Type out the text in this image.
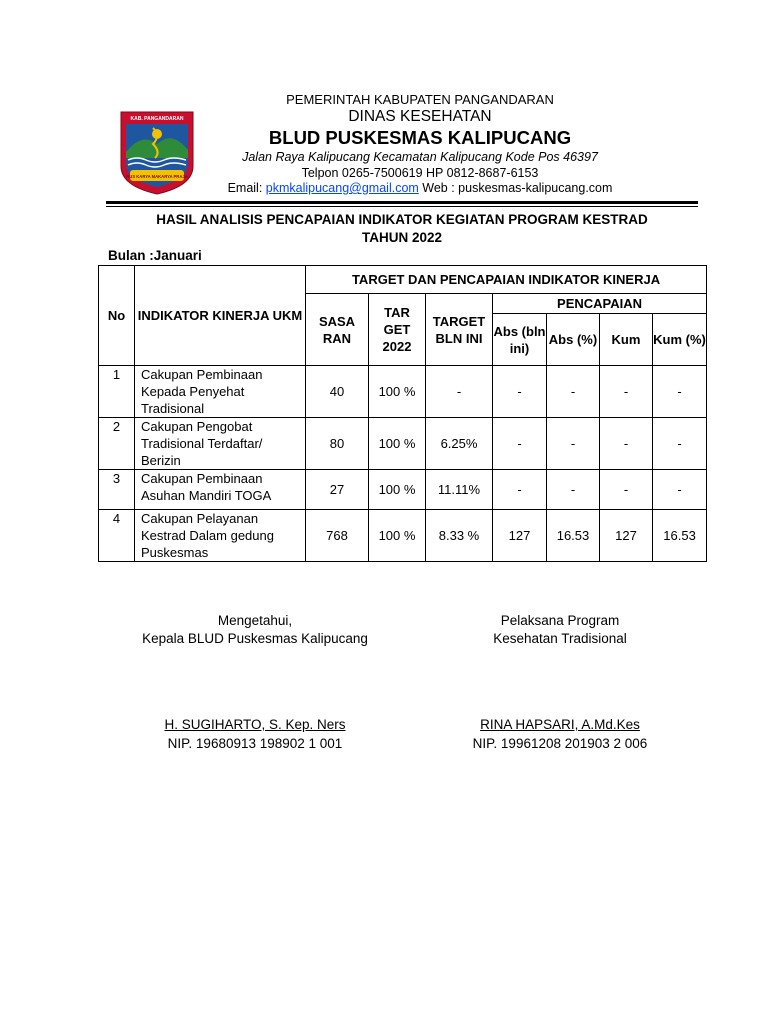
KAB. PANGANDARAN
NUS KARYA MAKARYA PRAJA
PEMERINTAH KABUPATEN PANGANDARAN
DINAS KESEHATAN
BLUD PUSKESMAS KALIPUCANG
Jalan Raya Kalipucang Kecamatan Kalipucang Kode Pos 46397
Telpon 0265-7500619 HP 0812-8687-6153
Email: pkmkalipucang@gmail.com Web : puskesmas-kalipucang.com
HASIL ANALISIS PENCAPAIAN INDIKATOR KEGIATAN PROGRAM KESTRAD
TAHUN 2022
Bulan :Januari
No	INDIKATOR KINERJA UKM	TARGET DAN PENCAPAIAN INDIKATOR KINERJA						
		SASA RAN	TAR GET 2022	TARGET BLN INI	PENCAPAIAN			
					Abs (bln ini)	Abs (%)	Kum	Kum (%)
1	Cakupan Pembinaan Kepada Penyehat Tradisional	40	100 %	-	-	-	-	-
2	Cakupan Pengobat Tradisional Terdaftar/ Berizin	80	100 %	6.25%	-	-	-	-
3	Cakupan Pembinaan Asuhan Mandiri TOGA	27	100 %	11.11%	-	-	-	-
4	Cakupan Pelayanan Kestrad Dalam gedung Puskesmas	768	100 %	8.33 %	127	16.53	127	16.53
Mengetahui,
Kepala BLUD Puskesmas Kalipucang
H. SUGIHARTO, S. Kep. Ners
NIP. 19680913 198902 1 001
Pelaksana Program
Kesehatan Tradisional
RINA HAPSARI, A.Md.Kes
NIP. 19961208 201903 2 006
